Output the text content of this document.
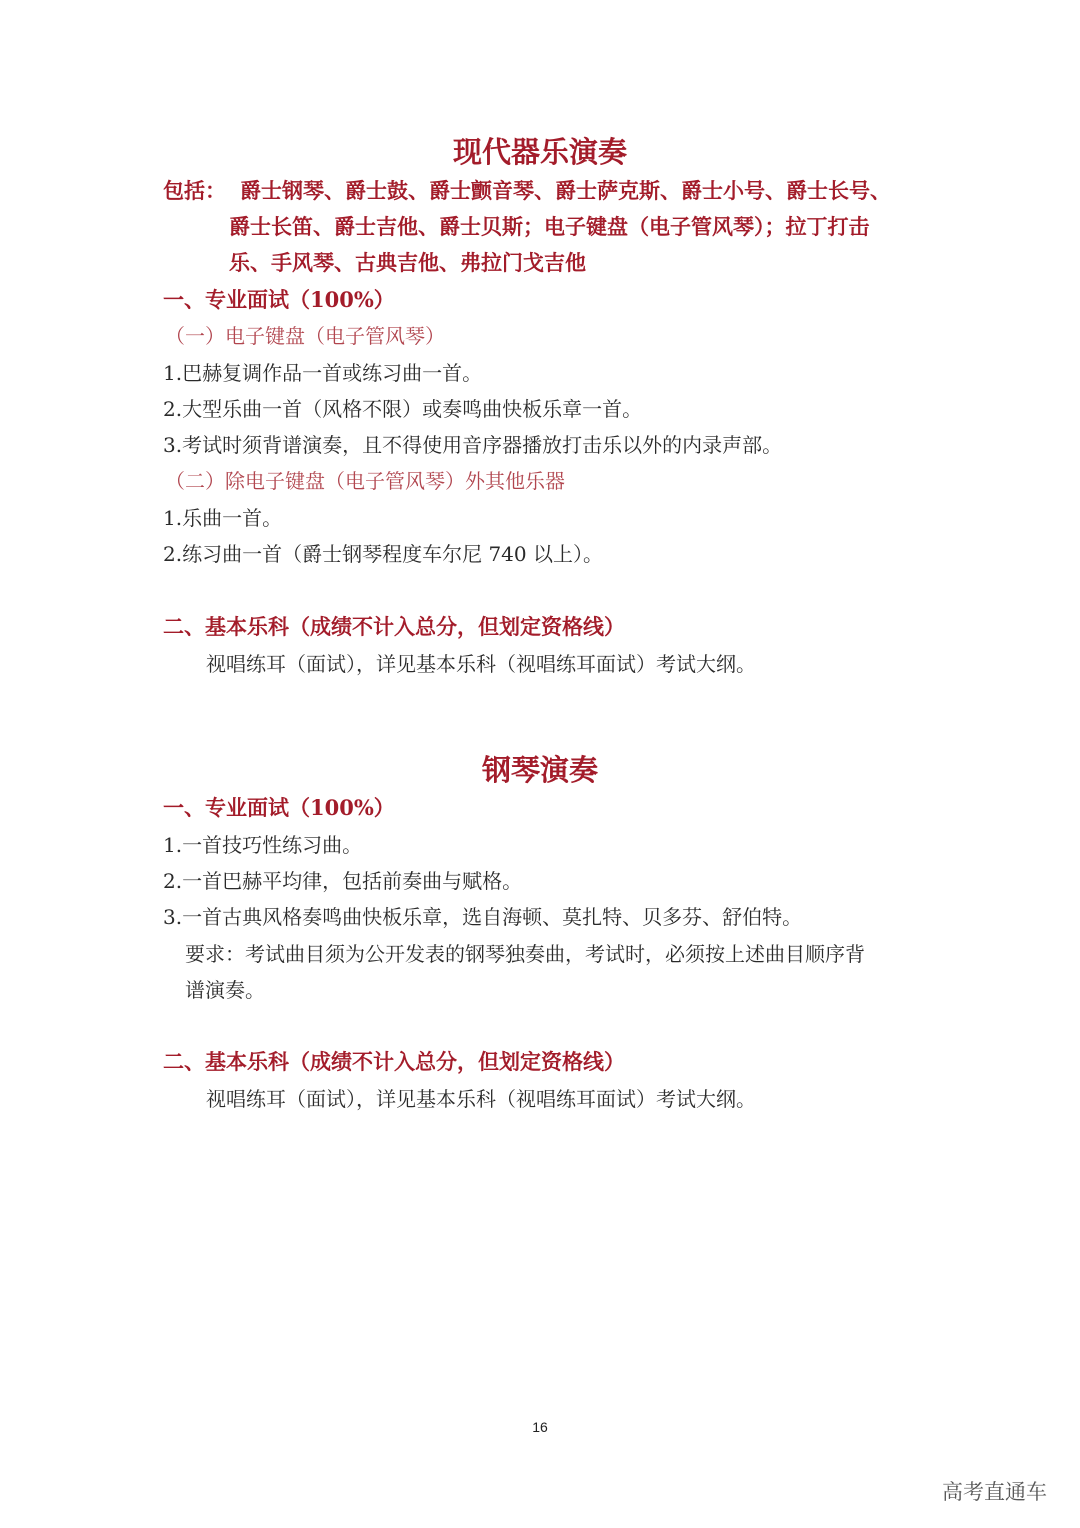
现代器乐演奏
包括： 爵士钢琴、爵士鼓、爵士颤音琴、爵士萨克斯、爵士小号、爵士长号、
爵士长笛、爵士吉他、爵士贝斯；电子键盘（电子管风琴）；拉丁打击
乐、手风琴、古典吉他、弗拉门戈吉他
一、专业面试（100%）
（一）电子键盘（电子管风琴）
1.巴赫复调作品一首或练习曲一首。
2.大型乐曲一首（风格不限）或奏鸣曲快板乐章一首。
3.考试时须背谱演奏，且不得使用音序器播放打击乐以外的内录声部。
（二）除电子键盘（电子管风琴）外其他乐器
1.乐曲一首。
2.练习曲一首（爵士钢琴程度车尔尼 740 以上）。
二、基本乐科（成绩不计入总分，但划定资格线）
视唱练耳（面试），详见基本乐科（视唱练耳面试）考试大纲。
钢琴演奏
一、专业面试（100%）
1.一首技巧性练习曲。
2.一首巴赫平均律，包括前奏曲与赋格。
3.一首古典风格奏鸣曲快板乐章，选自海顿、莫扎特、贝多芬、舒伯特。
要求：考试曲目须为公开发表的钢琴独奏曲，考试时，必须按上述曲目顺序背
谱演奏。
二、基本乐科（成绩不计入总分，但划定资格线）
视唱练耳（面试），详见基本乐科（视唱练耳面试）考试大纲。
16
高考直通车
